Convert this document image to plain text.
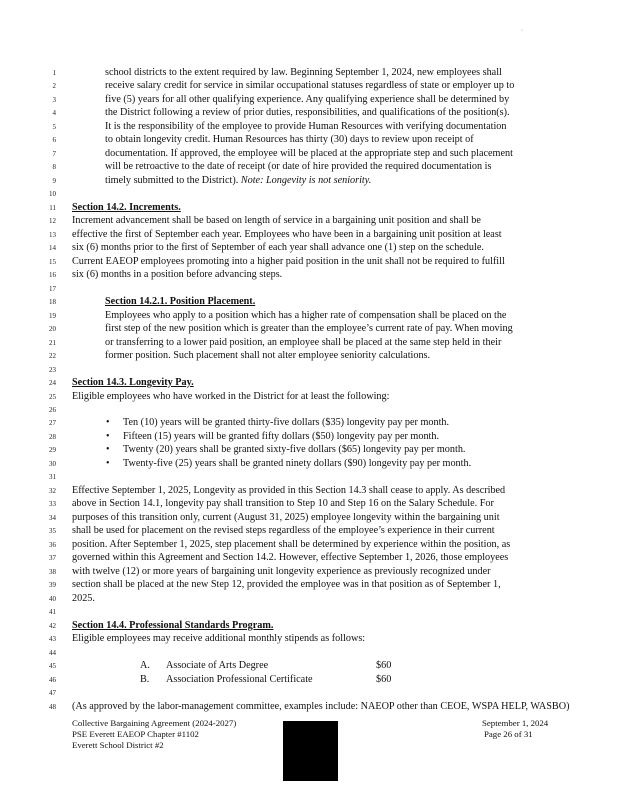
·
1	school districts to the extent required by law. Beginning September 1, 2024, new employees shall
2	receive salary credit for service in similar occupational statuses regardless of state or employer up to
3	five (5) years for all other qualifying experience. Any qualifying experience shall be determined by
4	the District following a review of prior duties, responsibilities, and qualifications of the position(s).
5	It is the responsibility of the employee to provide Human Resources with verifying documentation
6	to obtain longevity credit. Human Resources has thirty (30) days to review upon receipt of
7	documentation. If approved, the employee will be placed at the appropriate step and such placement
8	will be retroactive to the date of receipt (or date of hire provided the required documentation is
9	timely submitted to the District). Note: Longevity is not seniority.
10
11 Section 14.2. Increments.
12 Increment advancement shall be based on length of service in a bargaining unit position and shall be
13 effective the first of September each year. Employees who have been in a bargaining unit position at least
14 six (6) months prior to the first of September of each year shall advance one (1) step on the schedule.
15 Current EAEOP employees promoting into a higher paid position in the unit shall not be required to fulfill
16 six (6) months in a position before advancing steps.
17
18	Section 14.2.1. Position Placement.
19	Employees who apply to a position which has a higher rate of compensation shall be placed on the
20	first step of the new position which is greater than the employee’s current rate of pay. When moving
21	or transferring to a lower paid position, an employee shall be placed at the same step held in their
22	former position. Such placement shall not alter employee seniority calculations.
23
24 Section 14.3. Longevity Pay.
25 Eligible employees who have worked in the District for at least the following:
26
27	• Ten (10) years will be granted thirty-five dollars ($35) longevity pay per month.
28	• Fifteen (15) years will be granted fifty dollars ($50) longevity pay per month.
29	• Twenty (20) years shall be granted sixty-five dollars ($65) longevity pay per month.
30	• Twenty-five (25) years shall be granted ninety dollars ($90) longevity pay per month.
31
32 Effective September 1, 2025, Longevity as provided in this Section 14.3 shall cease to apply. As described
33 above in Section 14.1, longevity pay shall transition to Step 10 and Step 16 on the Salary Schedule. For
34 purposes of this transition only, current (August 31, 2025) employee longevity within the bargaining unit
35 shall be used for placement on the revised steps regardless of the employee’s experience in their current
36 position. After September 1, 2025, step placement shall be determined by experience within the position, as
37 governed within this Agreement and Section 14.2. However, effective September 1, 2026, those employees
38 with twelve (12) or more years of bargaining unit longevity experience as previously recognized under
39 section shall be placed at the new Step 12, provided the employee was in that position as of September 1,
40 2025.
41
42 Section 14.4. Professional Standards Program.
43 Eligible employees may receive additional monthly stipends as follows:
44
45
46
47
48 (As approved by the labor-management committee, examples include: NAEOP other than CEOE, WSPA HELP, WASBO)
A. Associate of Arts Degree	$60
B. Association Professional Certificate	$60
Collective Bargaining Agreement (2024-2027)
PSE Everett EAEOP Chapter #1102
Everett School District #2
September 1, 2024
Page 26 of 31
